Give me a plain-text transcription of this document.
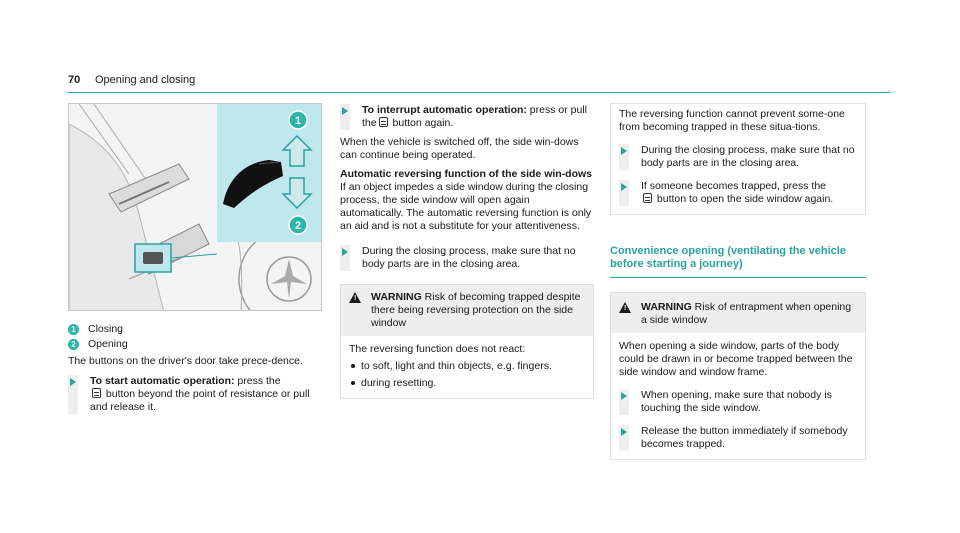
70 Opening and closing
1
2
1	Closing
2	Opening

The buttons on the driver's door take prece-dence.

To start automatic operation: press the
button beyond the point of resistance or pull and release it.
To interrupt automatic operation: press or pull the button again.

When the vehicle is switched off, the side win-dows can continue being operated.

Automatic reversing function of the side win-dows

If an object impedes a side window during the closing process, the side window will open again automatically. The automatic reversing function is only an aid and is not a substitute for your attentiveness.

During the closing process, make sure that no body parts are in the closing area.
! WARNING Risk of becoming trapped despite there being reversing protection on the side window
The reversing function does not react:
to soft, light and thin objects, e.g. fingers.
during resetting.

The reversing function cannot prevent some-one from becoming trapped in these situa-tions.

During the closing process, make sure that no body parts are in the closing area.
If someone becomes trapped, press the
button to open the side window again.
Convenience opening (ventilating the vehicle before starting a journey)
! WARNING Risk of entrapment when opening a side window
When opening a side window, parts of the body could be drawn in or become trapped between the side window and window frame.
When opening, make sure that nobody is touching the side window.
Release the button immediately if somebody becomes trapped.
